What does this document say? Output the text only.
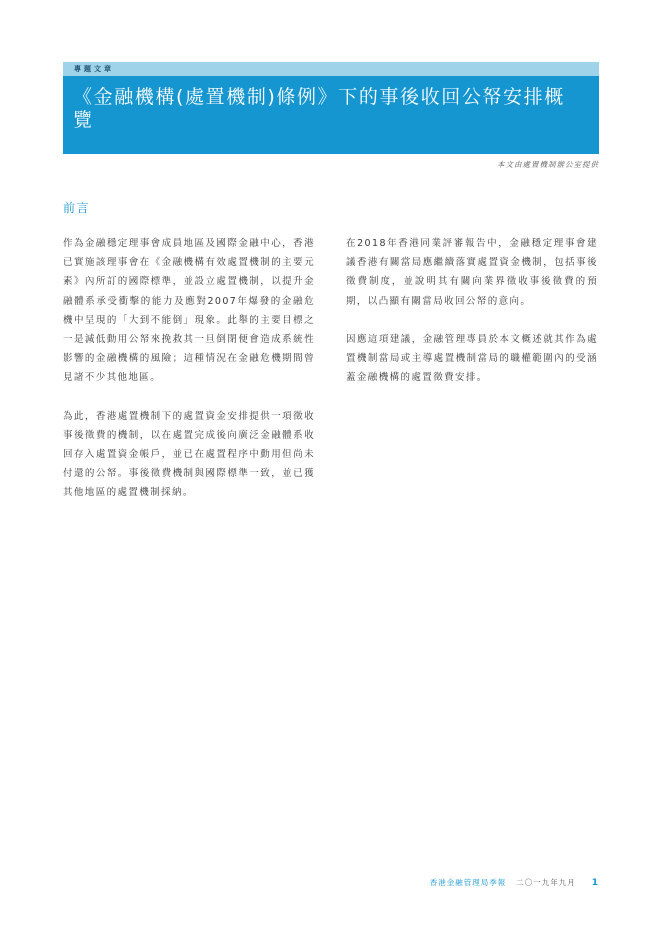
專題文章
《金融機構(處置機制)條例》下的事後收回公帑安排概覽
本文由處置機制辦公室提供
前言

作為金融穩定理事會成員地區及國際金融中心，香港已實施該理事會在《金融機構有效處置機制的主要元素》內所訂的國際標準，並設立處置機制，以提升金融體系承受衝擊的能力及應對2007年爆發的金融危機中呈現的「大到不能倒」現象。此舉的主要目標之一是減低動用公帑來挽救其一旦倒閉便會造成系統性影響的金融機構的風險；這種情況在金融危機期間曾見諸不少其他地區。

為此，香港處置機制下的處置資金安排提供一項徵收事後徵費的機制，以在處置完成後向廣泛金融體系收回存入處置資金帳戶，並已在處置程序中動用但尚未付還的公帑。事後徵費機制與國際標準一致，並已獲其他地區的處置機制採納。

在2018年香港同業評審報告中，金融穩定理事會建議香港有關當局應繼續落實處置資金機制，包括事後徵費制度，並說明其有關向業界徵收事後徵費的預期，以凸顯有關當局收回公帑的意向。

因應這項建議，金融管理專員於本文概述就其作為處置機制當局或主導處置機制當局的職權範圍內的受涵蓋金融機構的處置徵費安排。

香港金融管理局季報 二〇一九年九月 1
